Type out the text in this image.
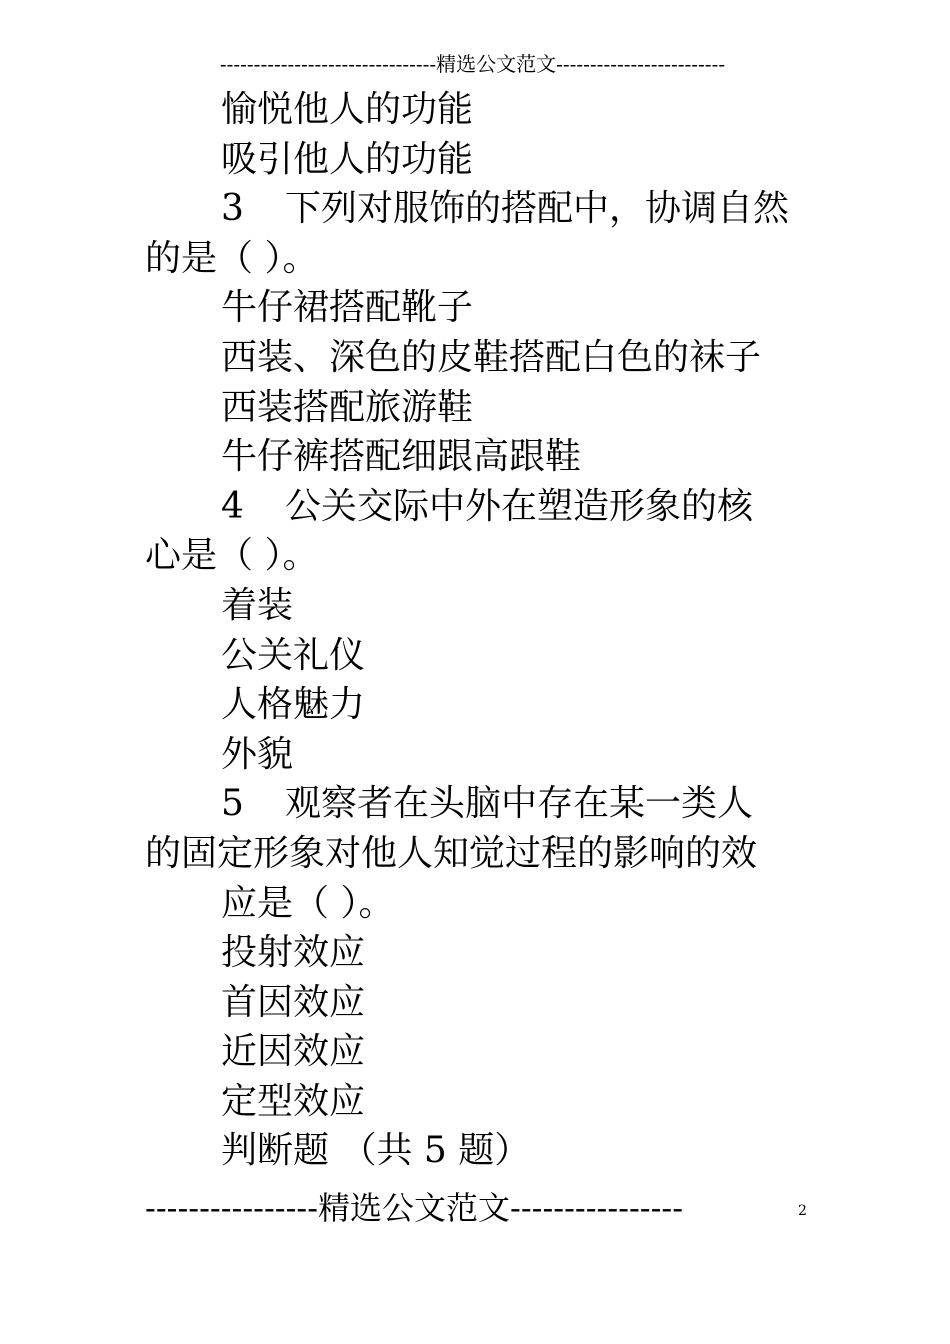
--------------------------------精选公文范文-------------------------
愉悦他人的功能
吸引他人的功能
3 下列对服饰的搭配中，协调自然
的是（ ）。
牛仔裙搭配靴子
西装、深色的皮鞋搭配白色的袜子
西装搭配旅游鞋
牛仔裤搭配细跟高跟鞋
4 公关交际中外在塑造形象的核
心是（ ）。
着装
公关礼仪
人格魅力
外貌
5 观察者在头脑中存在某一类人
的固定形象对他人知觉过程的影响的效
应是（ ）。
投射效应
首因效应
近因效应
定型效应
判断题 （共 5 题）
----------------精选公文范文----------------	2
